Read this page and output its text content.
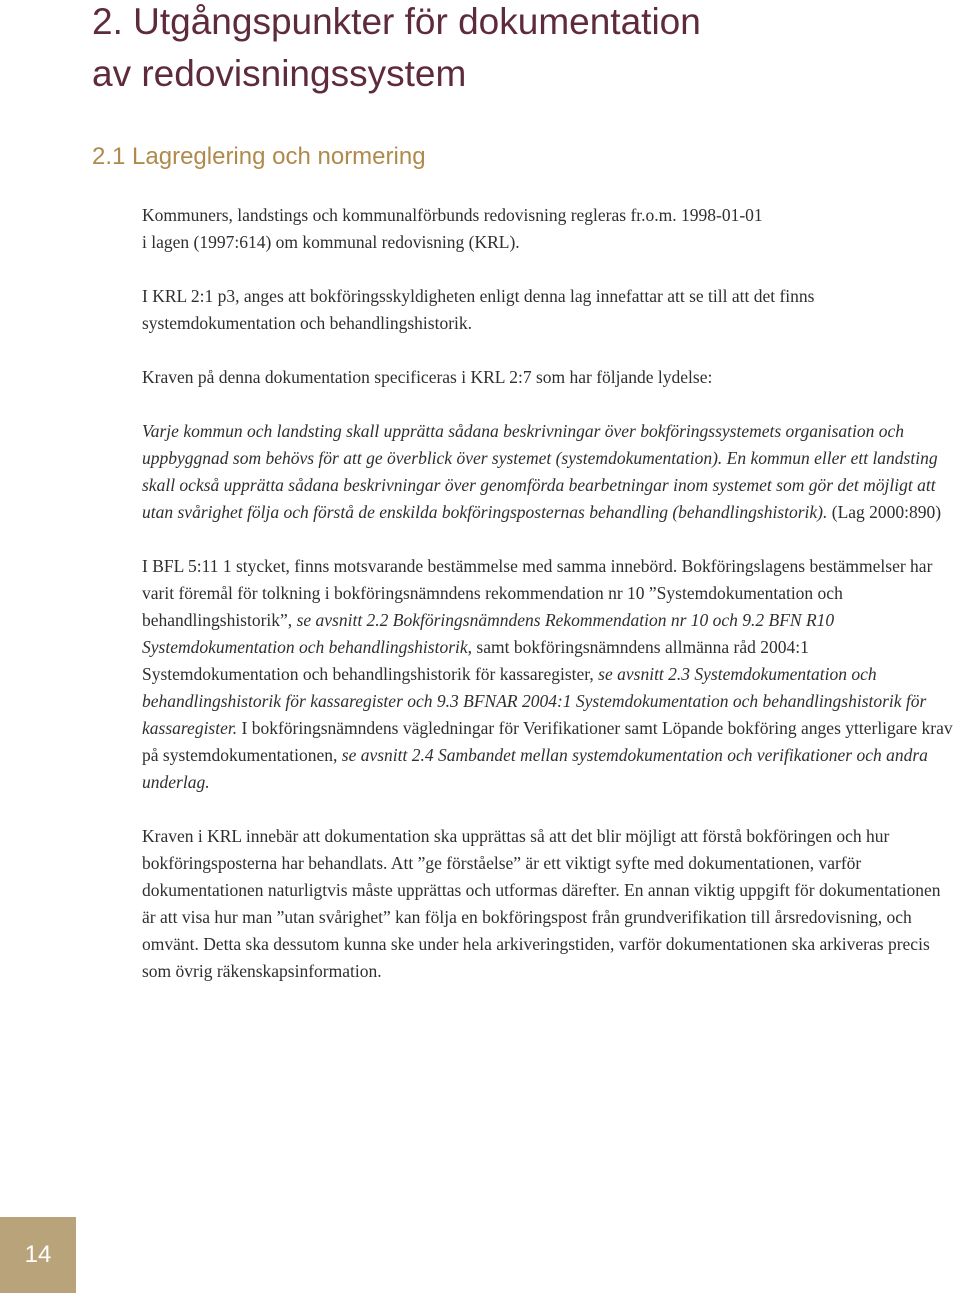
2. Utgångspunkter för dokumentation
av redovisningssystem
2.1 Lagreglering och normering

Kommuners, landstings och kommunalförbunds redovisning regleras fr.o.m. 1998-01-01
i lagen (1997:614) om kommunal redovisning (KRL).

I KRL 2:1 p3, anges att bokföringsskyldigheten enligt denna lag innefattar att se till att det finns systemdokumentation och behandlingshistorik.

Kraven på denna dokumentation specificeras i KRL 2:7 som har följande lydelse:

Varje kommun och landsting skall upprätta sådana beskrivningar över bokföringssystemets organisation och uppbyggnad som behövs för att ge överblick över systemet (systemdokumentation). En kommun eller ett landsting skall också upprätta sådana beskrivningar över genomförda bearbetningar inom systemet som gör det möjligt att utan svårighet följa och förstå de enskilda bokföringsposternas behandling (behandlingshistorik). (Lag 2000:890)

I BFL 5:11 1 stycket, finns motsvarande bestämmelse med samma innebörd. Bokföringslagens bestämmelser har varit föremål för tolkning i bokföringsnämndens rekommendation nr 10 ”Systemdokumentation och behandlingshistorik”, se avsnitt 2.2 Bokföringsnämndens Rekommendation nr 10 och 9.2 BFN R10 Systemdokumentation och behandlingshistorik, samt bokföringsnämndens allmänna råd 2004:1 Systemdokumentation och behandlingshistorik för kassaregister, se avsnitt 2.3 Systemdokumentation och behandlingshistorik för kassaregister och 9.3 BFNAR 2004:1 Systemdokumentation och behandlingshistorik för kassaregister. I bokföringsnämndens vägledningar för Verifikationer samt Löpande bokföring anges ytterligare krav på systemdokumentationen, se avsnitt 2.4 Sambandet mellan systemdokumentation och verifikationer och andra underlag.

Kraven i KRL innebär att dokumentation ska upprättas så att det blir möjligt att förstå bokföringen och hur bokföringsposterna har behandlats. Att ”ge förståelse” är ett viktigt syfte med dokumentationen, varför dokumentationen naturligtvis måste upprättas och utformas därefter. En annan viktig uppgift för dokumentationen är att visa hur man ”utan svårighet” kan följa en bokföringspost från grundverifikation till årsredovisning, och omvänt. Detta ska dessutom kunna ske under hela arkiveringstiden, varför dokumentationen ska arkiveras precis som övrig räkenskapsinformation.

14
